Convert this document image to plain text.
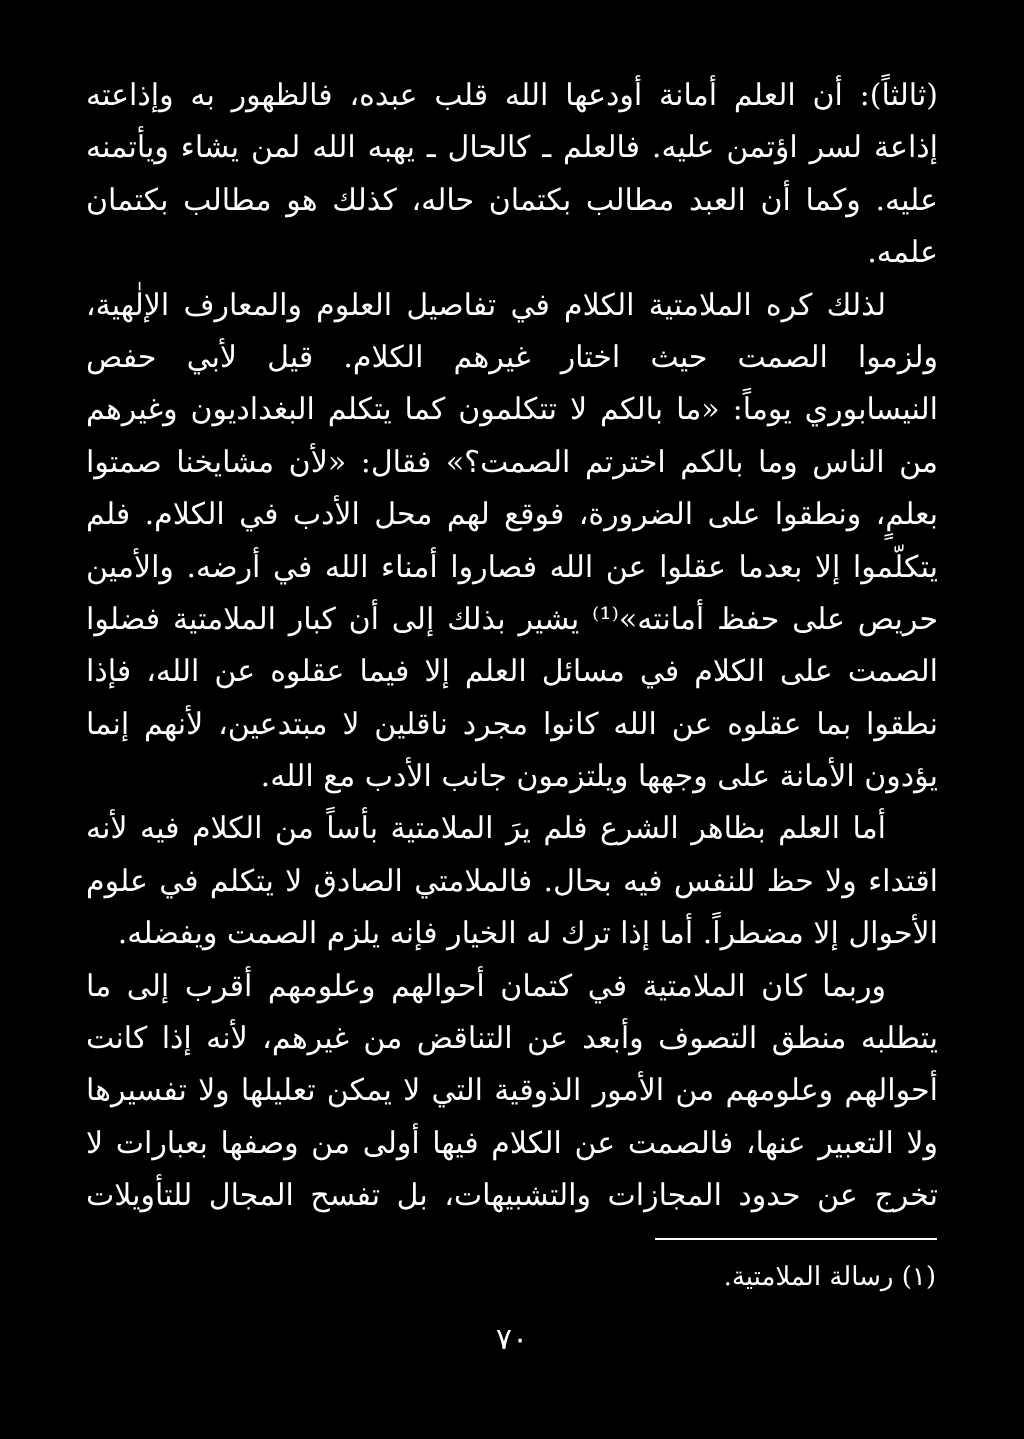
(ثالثاً): أن العلم أمانة أودعها الله قلب عبده، فالظهور به وإذاعته
إذاعة لسر اؤتمن عليه. فالعلم ـ كالحال ـ يهبه الله لمن يشاء ويأتمنه
عليه. وكما أن العبد مطالب بكتمان حاله، كذلك هو مطالب بكتمان
علمه.
لذلك كره الملامتية الكلام في تفاصيل العلوم والمعارف الإلٰهية،
ولزموا الصمت حيث اختار غيرهم الكلام. قيل لأبي حفص
النيسابوري يوماً: «ما بالكم لا تتكلمون كما يتكلم البغداديون وغيرهم
من الناس وما بالكم اخترتم الصمت؟» فقال: «لأن مشايخنا صمتوا
بعلمٍ، ونطقوا على الضرورة، فوقع لهم محل الأدب في الكلام. فلم
يتكلّموا إلا بعدما عقلوا عن الله فصاروا أمناء الله في أرضه. والأمين
حريص على حفظ أمانته»⁽¹⁾ يشير بذلك إلى أن كبار الملامتية فضلوا
الصمت على الكلام في مسائل العلم إلا فيما عقلوه عن الله، فإذا
نطقوا بما عقلوه عن الله كانوا مجرد ناقلين لا مبتدعين، لأنهم إنما
يؤدون الأمانة على وجهها ويلتزمون جانب الأدب مع الله.
أما العلم بظاهر الشرع فلم يرَ الملامتية بأساً من الكلام فيه لأنه
اقتداء ولا حظ للنفس فيه بحال. فالملامتي الصادق لا يتكلم في علوم
الأحوال إلا مضطراً. أما إذا ترك له الخيار فإنه يلزم الصمت ويفضله.
وربما كان الملامتية في كتمان أحوالهم وعلومهم أقرب إلى ما
يتطلبه منطق التصوف وأبعد عن التناقض من غيرهم، لأنه إذا كانت
أحوالهم وعلومهم من الأمور الذوقية التي لا يمكن تعليلها ولا تفسيرها
ولا التعبير عنها، فالصمت عن الكلام فيها أولى من وصفها بعبارات لا
تخرج عن حدود المجازات والتشبيهات، بل تفسح المجال للتأويلات
(١) رسالة الملامتية.
٧٠
